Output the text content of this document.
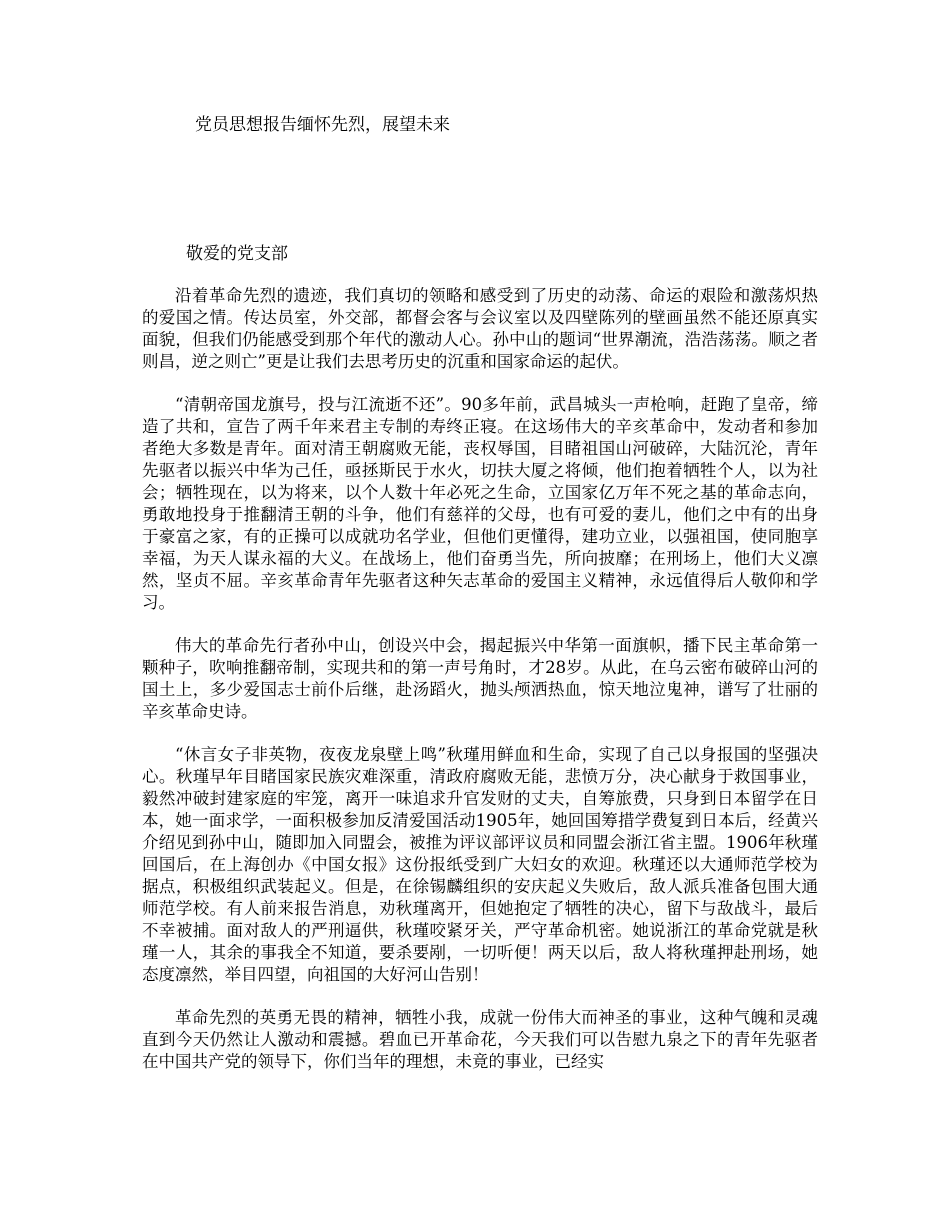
党员思想报告缅怀先烈，展望未来
敬爱的党支部

沿着革命先烈的遗迹，我们真切的领略和感受到了历史的动荡、命运的艰险和激荡炽热的爱国之情。传达员室，外交部，都督会客与会议室以及四壁陈列的壁画虽然不能还原真实面貌，但我们仍能感受到那个年代的激动人心。孙中山的题词“世界潮流，浩浩荡荡。顺之者则昌，逆之则亡”更是让我们去思考历史的沉重和国家命运的起伏。

“清朝帝国龙旗号，投与江流逝不还”。90多年前，武昌城头一声枪响，赶跑了皇帝，缔造了共和，宣告了两千年来君主专制的寿终正寝。在这场伟大的辛亥革命中，发动者和参加者绝大多数是青年。面对清王朝腐败无能，丧权辱国，目睹祖国山河破碎，大陆沉沦，青年先驱者以振兴中华为己任，亟拯斯民于水火，切扶大厦之将倾，他们抱着牺牲个人，以为社会；牺牲现在，以为将来，以个人数十年必死之生命，立国家亿万年不死之基的革命志向，勇敢地投身于推翻清王朝的斗争，他们有慈祥的父母，也有可爱的妻儿，他们之中有的出身于豪富之家，有的正操可以成就功名学业，但他们更懂得，建功立业，以强祖国，使同胞享幸福，为天人谋永福的大义。在战场上，他们奋勇当先，所向披靡；在刑场上，他们大义凛然，坚贞不屈。辛亥革命青年先驱者这种矢志革命的爱国主义精神，永远值得后人敬仰和学习。

伟大的革命先行者孙中山，创设兴中会，揭起振兴中华第一面旗帜，播下民主革命第一颗种子，吹响推翻帝制，实现共和的第一声号角时，才28岁。从此，在乌云密布破碎山河的国土上，多少爱国志士前仆后继，赴汤蹈火，抛头颅洒热血，惊天地泣鬼神，谱写了壮丽的辛亥革命史诗。

“休言女子非英物，夜夜龙泉壁上鸣”秋瑾用鲜血和生命，实现了自己以身报国的坚强决心。秋瑾早年目睹国家民族灾难深重，清政府腐败无能，悲愤万分，决心献身于救国事业，毅然冲破封建家庭的牢笼，离开一味追求升官发财的丈夫，自筹旅费，只身到日本留学在日本，她一面求学，一面积极参加反清爱国活动1905年，她回国筹措学费复到日本后，经黄兴介绍见到孙中山，随即加入同盟会，被推为评议部评议员和同盟会浙江省主盟。1906年秋瑾回国后，在上海创办《中国女报》这份报纸受到广大妇女的欢迎。秋瑾还以大通师范学校为据点，积极组织武装起义。但是，在徐锡麟组织的安庆起义失败后，敌人派兵准备包围大通师范学校。有人前来报告消息，劝秋瑾离开，但她抱定了牺牲的决心，留下与敌战斗，最后不幸被捕。面对敌人的严刑逼供，秋瑾咬紧牙关，严守革命机密。她说浙江的革命党就是秋瑾一人，其余的事我全不知道，要杀要剐，一切听便！两天以后，敌人将秋瑾押赴刑场，她态度凛然，举目四望，向祖国的大好河山告别！

革命先烈的英勇无畏的精神，牺牲小我，成就一份伟大而神圣的事业，这种气魄和灵魂直到今天仍然让人激动和震撼。碧血已开革命花，今天我们可以告慰九泉之下的青年先驱者在中国共产党的领导下，你们当年的理想，未竟的事业，已经实
